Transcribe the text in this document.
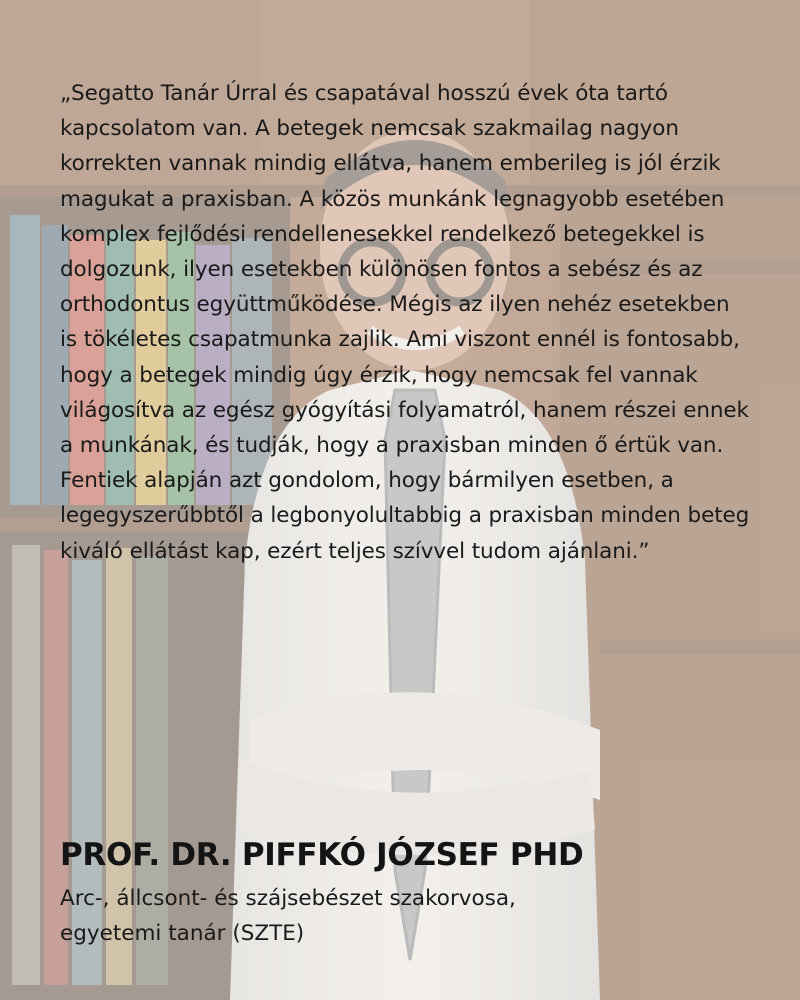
„Segatto Tanár Úrral és csapatával hosszú évek óta tartó kapcsolatom van. A betegek nemcsak szakmailag nagyon korrekten vannak mindig ellátva, hanem emberileg is jól érzik magukat a praxisban. A közös munkánk legnagyobb esetében komplex fejlődési rendellenesekkel rendelkező betegekkel is dolgozunk, ilyen esetekben különösen fontos a sebész és az orthodontus együttműködése. Mégis az ilyen nehéz esetekben is tökéletes csapatmunka zajlik. Ami viszont ennél is fontosabb, hogy a betegek mindig úgy érzik, hogy nemcsak fel vannak világosítva az egész gyógyítási folyamatról, hanem részei ennek a munkának, és tudják, hogy a praxisban minden ő értük van. Fentiek alapján azt gondolom, hogy bármilyen esetben, a legegyszerűbbtől a legbonyolultabbig a praxisban minden beteg kiváló ellátást kap, ezért teljes szívvel tudom ajánlani.”

PROF. DR. PIFFKÓ JÓZSEF PHD

Arc-, állcsont- és szájsebészet szakorvosa,
egyetemi tanár (SZTE)
